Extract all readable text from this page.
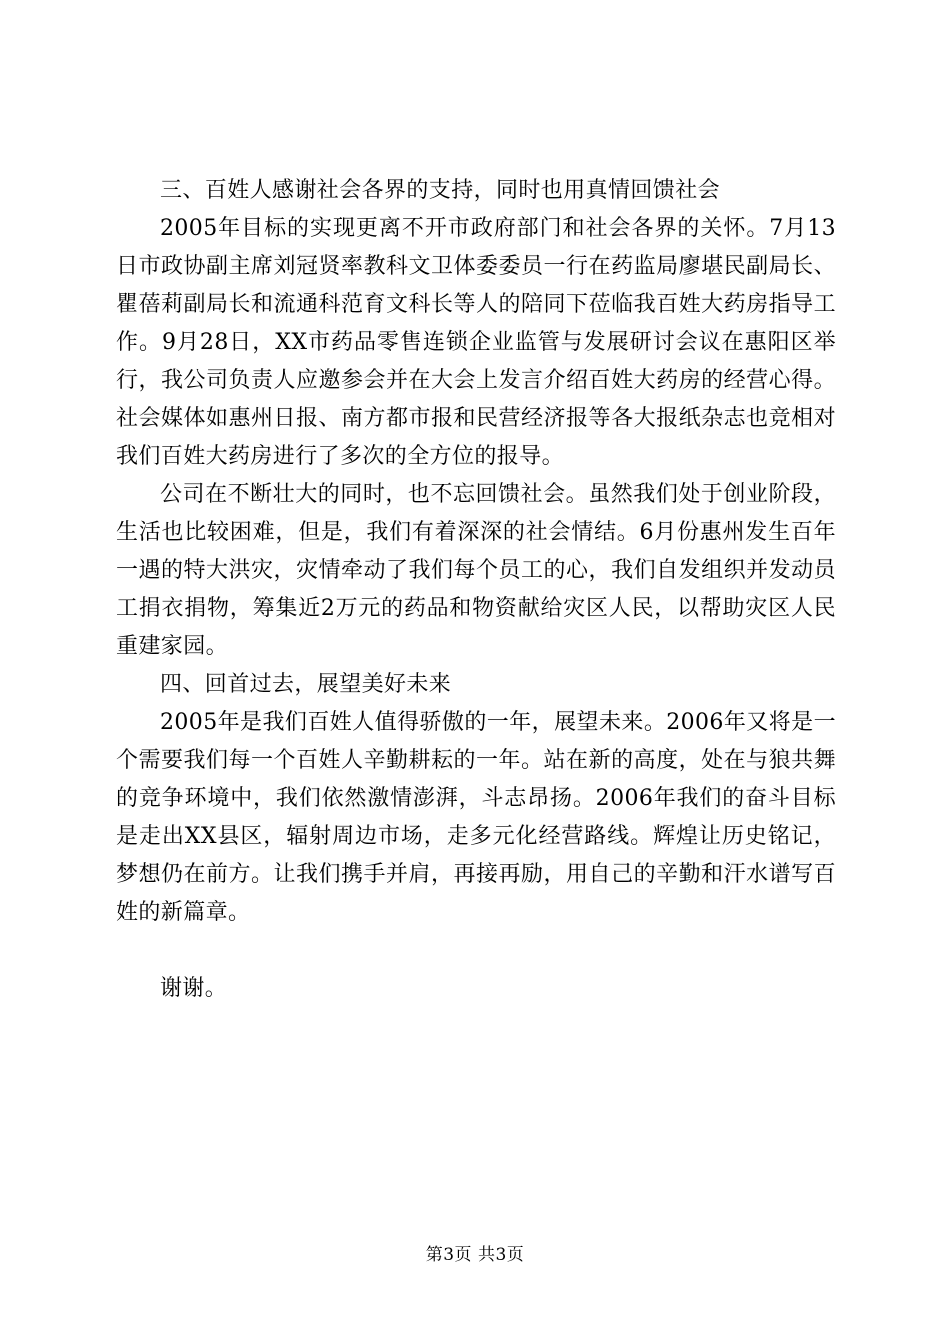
三、百姓人感谢社会各界的支持，同时也用真情回馈社会

2005年目标的实现更离不开市政府部门和社会各界的关怀。7月13日市政协副主席刘冠贤率教科文卫体委委员一行在药监局廖堪民副局长、瞿蓓莉副局长和流通科范育文科长等人的陪同下莅临我百姓大药房指导工作。9月28日，XX市药品零售连锁企业监管与发展研讨会议在惠阳区举行，我公司负责人应邀参会并在大会上发言介绍百姓大药房的经营心得。社会媒体如惠州日报、南方都市报和民营经济报等各大报纸杂志也竞相对我们百姓大药房进行了多次的全方位的报导。

公司在不断壮大的同时，也不忘回馈社会。虽然我们处于创业阶段，生活也比较困难，但是，我们有着深深的社会情结。6月份惠州发生百年一遇的特大洪灾，灾情牵动了我们每个员工的心，我们自发组织并发动员工捐衣捐物，筹集近2万元的药品和物资献给灾区人民，以帮助灾区人民重建家园。

四、回首过去，展望美好未来

2005年是我们百姓人值得骄傲的一年，展望未来。2006年又将是一个需要我们每一个百姓人辛勤耕耘的一年。站在新的高度，处在与狼共舞的竞争环境中，我们依然激情澎湃，斗志昂扬。2006年我们的奋斗目标是走出XX县区，辐射周边市场，走多元化经营路线。辉煌让历史铭记，梦想仍在前方。让我们携手并肩，再接再励，用自己的辛勤和汗水谱写百姓的新篇章。

谢谢。

第3页 共3页
